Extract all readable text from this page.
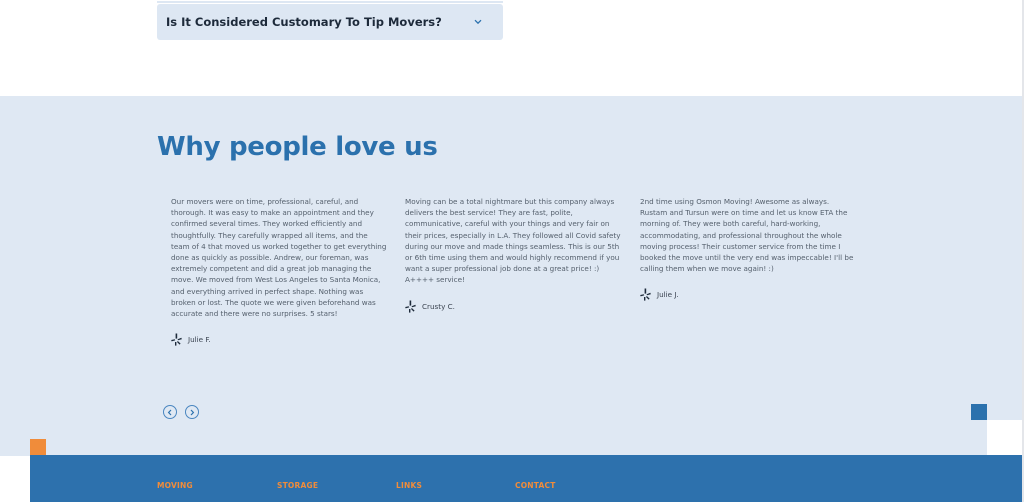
Is It Considered Customary To Tip Movers?
Why people love us

Our movers were on time, professional, careful, and thorough. It was easy to make an appointment and they confirmed several times. They worked efficiently and thoughtfully. They carefully wrapped all items, and the team of 4 that moved us worked together to get everything done as quickly as possible. Andrew, our foreman, was extremely competent and did a great job managing the move. We moved from West Los Angeles to Santa Monica, and everything arrived in perfect shape. Nothing was broken or lost. The quote we were given beforehand was accurate and there were no surprises. 5 stars!

Julie F.

Moving can be a total nightmare but this company always delivers the best service! They are fast, polite, communicative, careful with your things and very fair on their prices, especially in L.A. They followed all Covid safety during our move and made things seamless. This is our 5th or 6th time using them and would highly recommend if you want a super professional job done at a great price! :) A++++ service!

Crusty C.

2nd time using Osmon Moving! Awesome as always. Rustam and Tursun were on time and let us know ETA the morning of. They were both careful, hard-working, accommodating, and professional throughout the whole moving process! Their customer service from the time I booked the move until the very end was impeccable! I'll be calling them when we move again! :)

Julie J.
MOVING	STORAGE	LINKS	CONTACT
